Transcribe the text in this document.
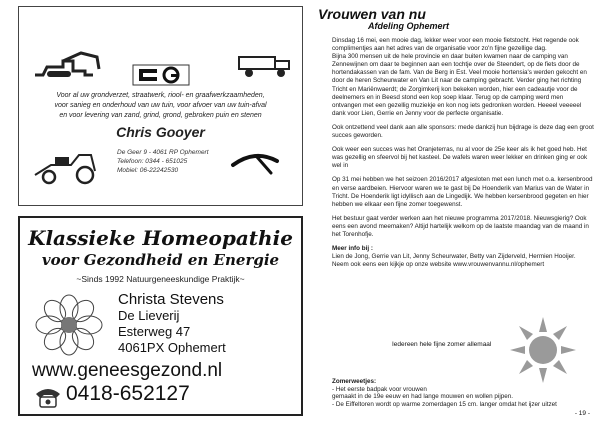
Voor al uw grondverzet, straatwerk, riool- en graafwerkzaamheden,
voor sanieg en onderhoud van uw tuin, voor afvoer van uw tuin-afval
en voor levering van zand, grind, grond, gebroken puin en stenen
Chris Gooyer
De Geer 9 - 4061 RP Ophemert
Telefoon: 0344 - 651025
Mobiel: 06-22242530
Klassieke Homeopathie
voor Gezondheid en Energie
~Sinds 1992 Natuurgeneeskundige Praktijk~
Christa Stevens
De Lieverij
Esterweg 47
4061PX Ophemert
www.geneesgezond.nl
0418-652127
Vrouwen van nu
Afdeling Ophemert

Dinsdag 16 mei, een mooie dag, lekker weer voor een mooie fietstocht. Het regende ook complimentjes aan het adres van de organisatie voor zo'n fijne gezellige dag.

Bijna 300 mensen uit de hele provincie en daar buiten kwamen naar de camping van Zennewijnen om daar te beginnen aan een tochtje over de Steendert, op de fiets door de hortendakassen van de fam. Van de Berg in Est. Veel mooie hortensia's werden gekocht en door de heren Scheurwater en Van Lit naar de camping gebracht. Verder ging het richting Tricht en Mariënwaerdt; de Zorgimkerij kon bekeken worden, hier een cadeautje voor de deelnemers en in Beesd stond een kop soep klaar. Terug op de camping werd men ontvangen met een gezellig muziekje en kon nog iets gedronken worden. Heeeel veeeeel dank voor Lien, Gerrie en Jenny voor de perfecte organisatie.

Ook ontzettend veel dank aan alle sponsors: mede dankzij hun bijdrage is deze dag een groot succes geworden.

Ook weer een succes was het Oranjeterras, nu al voor de 25e keer als ik het goed heb. Het was gezellig en sfeervol bij het kasteel. De wafels waren weer lekker en drinken ging er ook wel in

Op 31 mei hebben we het seizoen 2016/2017 afgesloten met een lunch met o.a. kersenbrood en verse aardbeien. Hiervoor waren we te gast bij De Hoenderik van Marius van de Water in Tricht. De Hoenderik ligt idyllisch aan de Lingedijk. We hebben kersenbrood gegeten en hier hebben we elkaar een fijne zomer toegewenst.

Het bestuur gaat verder werken aan het nieuwe programma 2017/2018. Nieuwsgierig? Ook eens een avond meemaken? Altijd hartelijk welkom op de laatste maandag van de maand in het Torenhofje.

Meer info bij :
Lien de Jong, Gerrie van Lit, Jenny Scheurwater, Betty van Zijderveld, Hermien Hooijer.
Neem ook eens een kijkje op onze website www.vrouwenvannu.nl/ophemert

Iedereen hele fijne zomer allemaal
Zomerweetjes:
- Het eerste badpak voor vrouwen
gemaakt in de 19e eeuw en had lange mouwen en wollen pijpen.
- De Eiffeltoren wordt op warme zomerdagen 15 cm. langer omdat het ijzer uitzet
- 19 -
